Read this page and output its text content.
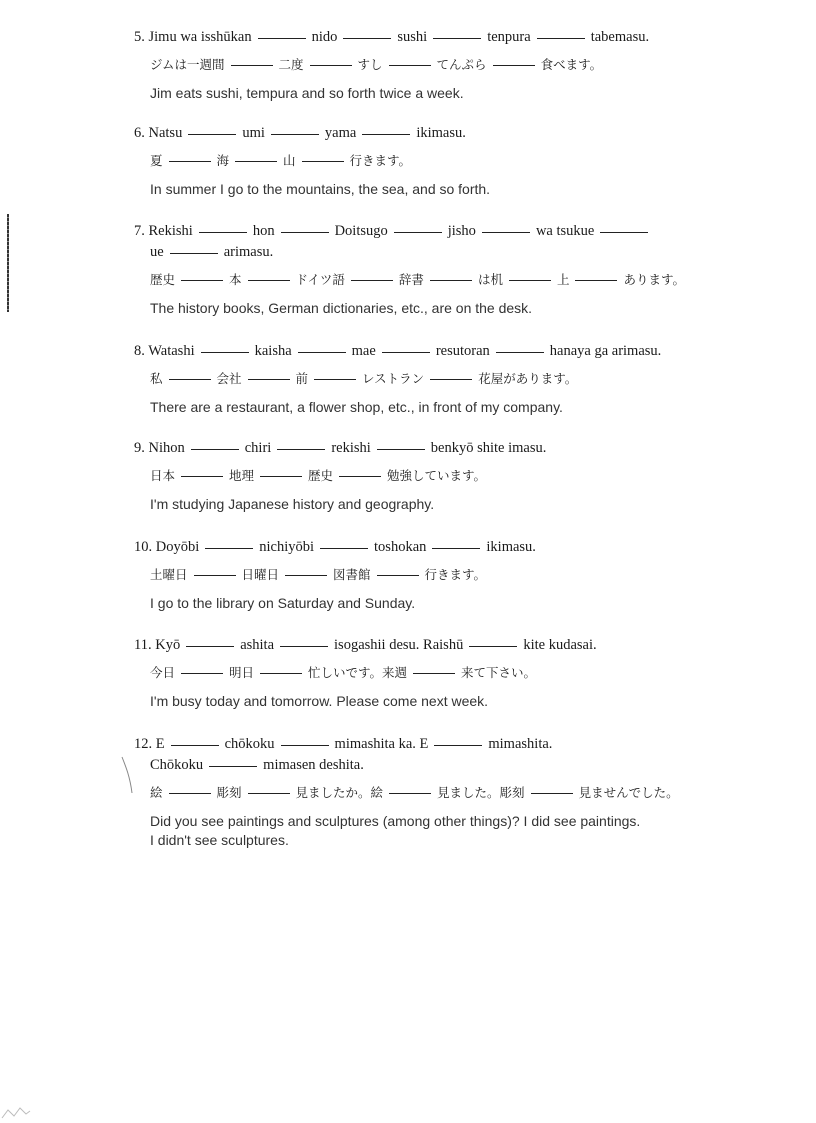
5. Jimu wa isshūkan	nido	sushi	tenpura	tabemasu.
ジムは一週間	二度	すし	てんぷら	食べます。
Jim eats sushi, tempura and so forth twice a week.
6. Natsu	umi	yama	ikimasu.
夏	海	山	行きます。
In summer I go to the mountains, the sea, and so forth.
7. Rekishi	hon	Doitsugo	jisho	wa tsukue
ue	arimasu.
歴史	本	ドイツ語	辞書	は机	上	あります。
The history books, German dictionaries, etc., are on the desk.
8. Watashi	kaisha	mae	resutoran	hanaya ga arimasu.
私	会社	前	レストラン	花屋があります。
There are a restaurant, a flower shop, etc., in front of my company.
9. Nihon	chiri	rekishi	benkyō shite imasu.
日本	地理	歴史	勉強しています。
I'm studying Japanese history and geography.
10. Doyōbi	nichiyōbi	toshokan	ikimasu.
土曜日	日曜日	図書館	行きます。
I go to the library on Saturday and Sunday.
11. Kyō	ashita	isogashii desu. Raishū	kite kudasai.
今日	明日	忙しいです。来週	来て下さい。
I'm busy today and tomorrow. Please come next week.
12. E	chōkoku	mimashita ka. E	mimashita.
Chōkoku	mimasen deshita.
絵	彫刻	見ましたか。絵	見ました。彫刻	見ませんでした。
Did you see paintings and sculptures (among other things)? I did see paintings.
I didn't see sculptures.
